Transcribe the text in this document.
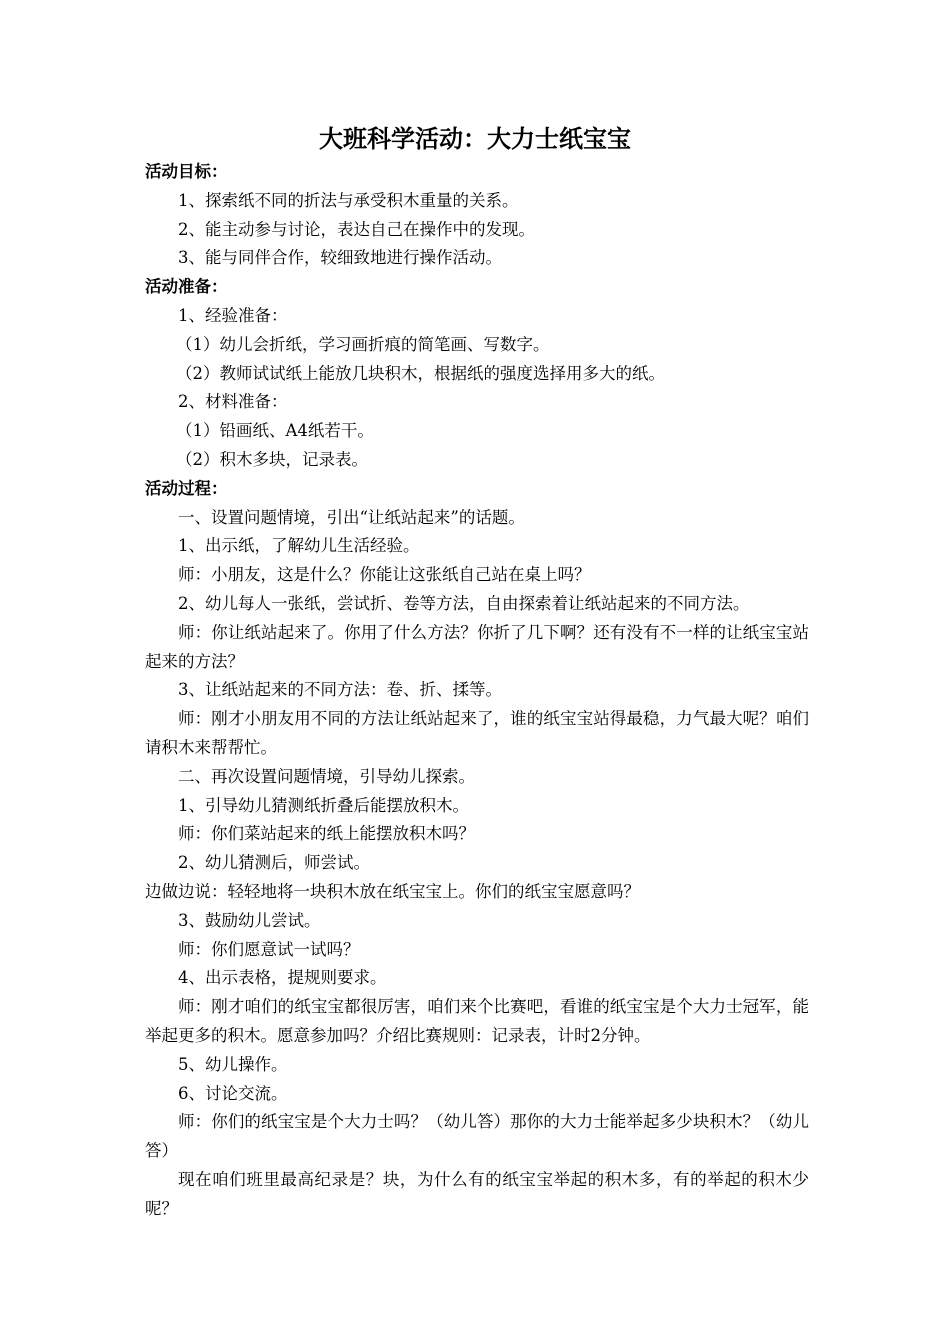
大班科学活动：大力士纸宝宝
活动目标：
1、探索纸不同的折法与承受积木重量的关系。
2、能主动参与讨论，表达自己在操作中的发现。
3、能与同伴合作，较细致地进行操作活动。
活动准备：
1、经验准备：
（1）幼儿会折纸，学习画折痕的简笔画、写数字。
（2）教师试试纸上能放几块积木，根据纸的强度选择用多大的纸。
2、材料准备：
（1）铅画纸、A4纸若干。
（2）积木多块，记录表。
活动过程：
一、设置问题情境，引出“让纸站起来”的话题。
1、出示纸，了解幼儿生活经验。
师：小朋友，这是什么？你能让这张纸自己站在桌上吗？
2、幼儿每人一张纸，尝试折、卷等方法，自由探索着让纸站起来的不同方法。
师：你让纸站起来了。你用了什么方法？你折了几下啊？还有没有不一样的让纸宝宝站起来的方法？
3、让纸站起来的不同方法：卷、折、揉等。
师：刚才小朋友用不同的方法让纸站起来了，谁的纸宝宝站得最稳，力气最大呢？咱们请积木来帮帮忙。
二、再次设置问题情境，引导幼儿探索。
1、引导幼儿猜测纸折叠后能摆放积木。
师：你们菜站起来的纸上能摆放积木吗？
2、幼儿猜测后，师尝试。
边做边说：轻轻地将一块积木放在纸宝宝上。你们的纸宝宝愿意吗？
3、鼓励幼儿尝试。
师：你们愿意试一试吗？
4、出示表格，提规则要求。
师：刚才咱们的纸宝宝都很厉害，咱们来个比赛吧，看谁的纸宝宝是个大力士冠军，能举起更多的积木。愿意参加吗？介绍比赛规则：记录表，计时2分钟。
5、幼儿操作。
6、讨论交流。
师：你们的纸宝宝是个大力士吗？（幼儿答）那你的大力士能举起多少块积木？（幼儿答）
现在咱们班里最高纪录是？块，为什么有的纸宝宝举起的积木多，有的举起的积木少呢？
